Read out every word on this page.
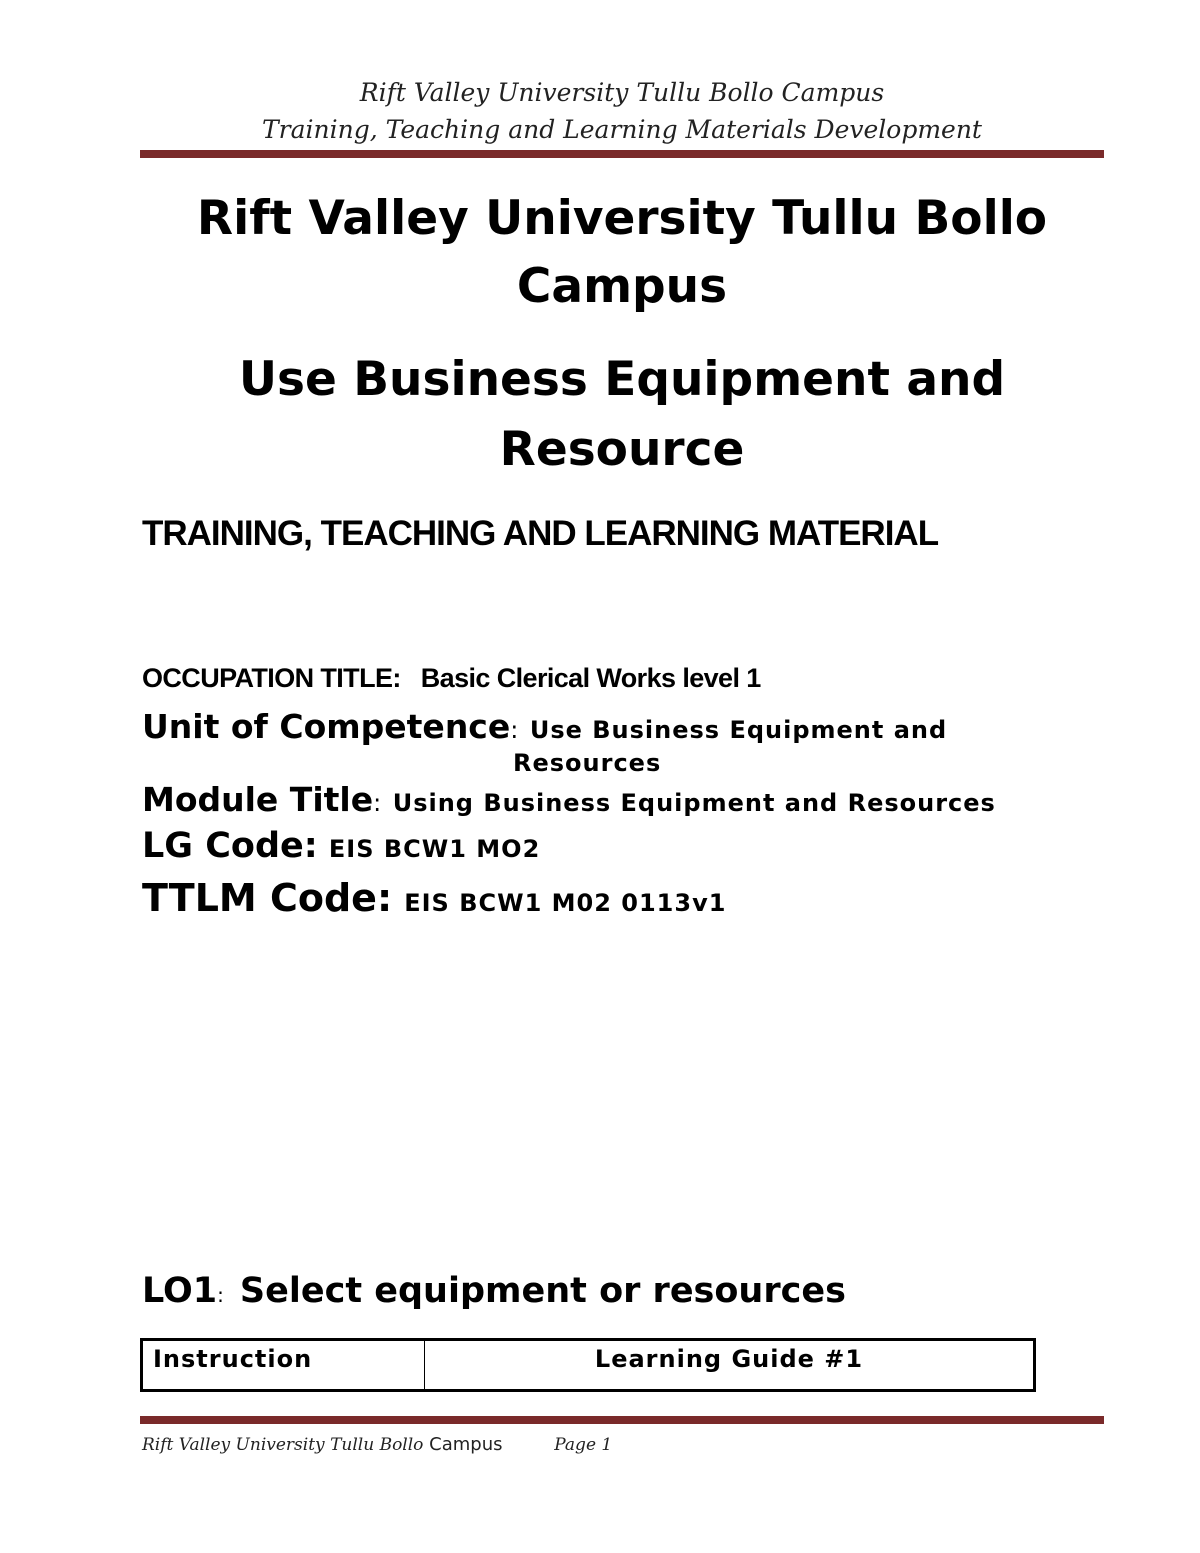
Rift Valley University Tullu Bollo Campus
Training, Teaching and Learning Materials Development
Rift Valley University Tullu Bollo
Campus
Use Business Equipment and
Resource
TRAINING, TEACHING AND LEARNING MATERIAL
OCCUPATION TITLE: Basic Clerical Works level 1
Unit of Competence: Use Business Equipment and
Resources
Module Title: Using Business Equipment and Resources
LG Code: EIS BCW1 MO2
TTLM Code: EIS BCW1 M02 0113v1
LO1: Select equipment or resources
Instruction	Learning Guide #1
Rift Valley University Tullu Bollo Campus	Page 1
